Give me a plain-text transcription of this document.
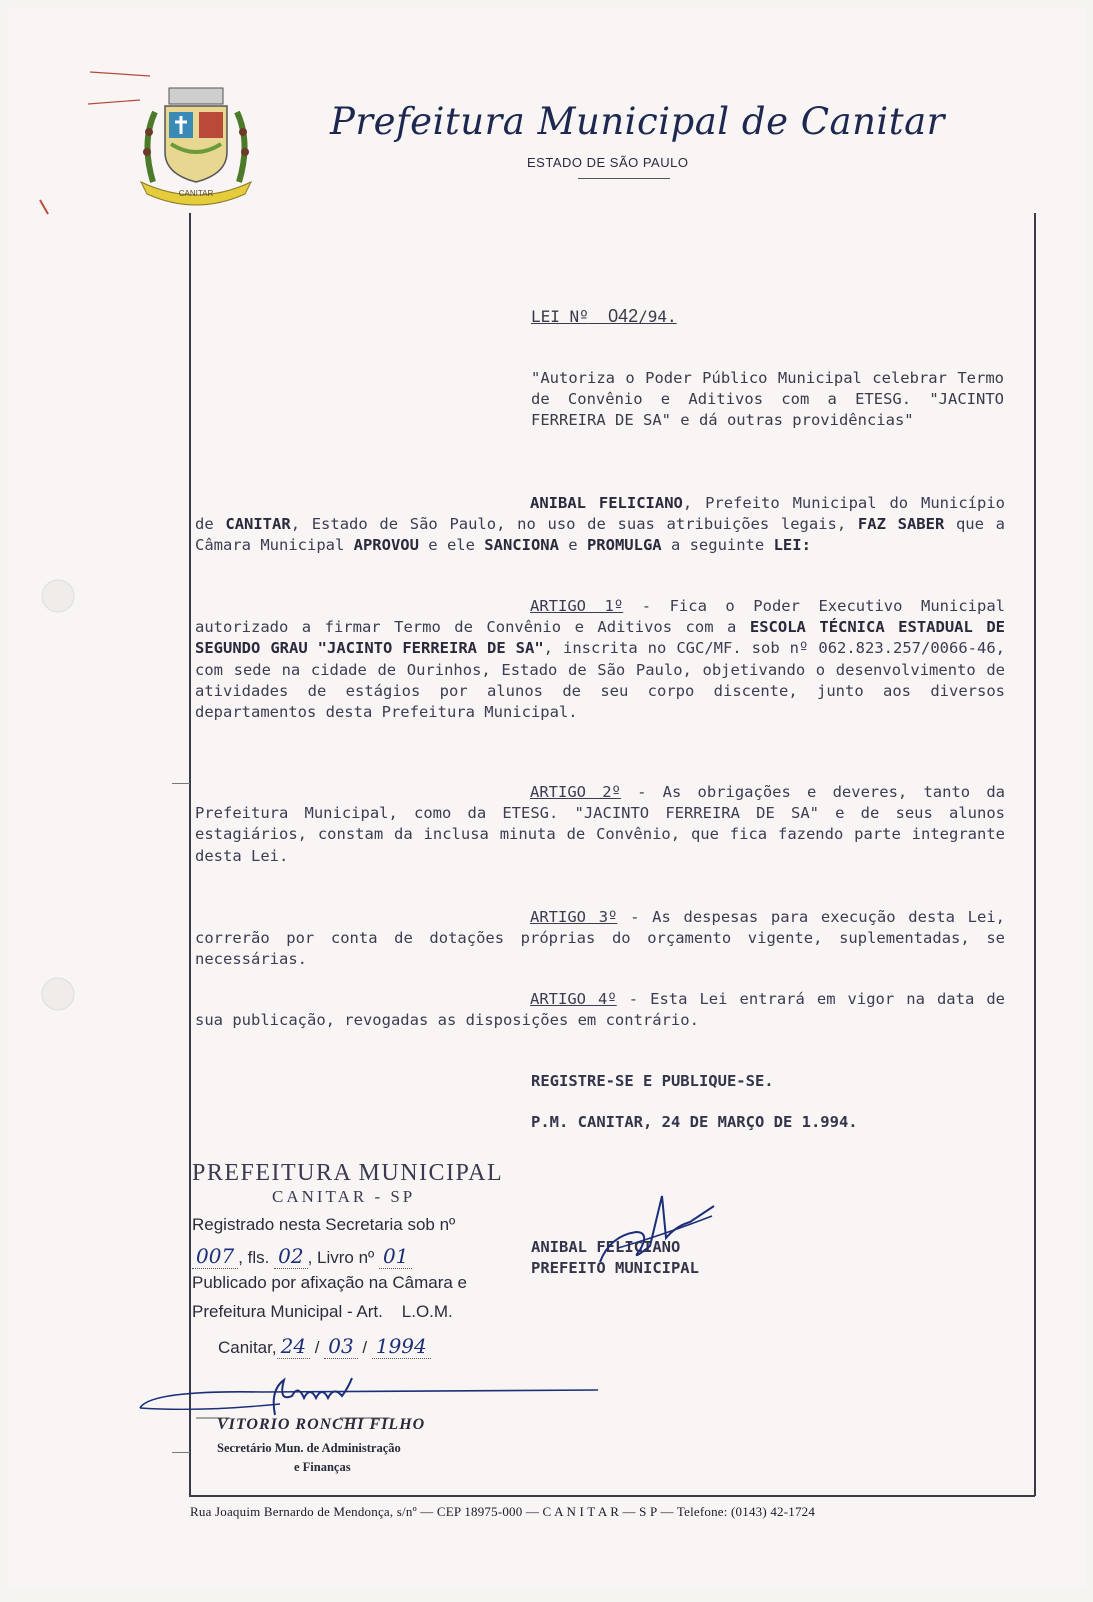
CANITAR
Prefeitura Municipal de Canitar
ESTADO DE SÃO PAULO
LEI Nº 042/94.
"Autoriza o Poder Público Municipal celebrar Termo de Convênio e Aditivos com a ETESG. "JACINTO FERREIRA DE SA" e dá outras providências"
ANIBAL FELICIANO, Prefeito Municipal do Município de CANITAR, Estado de São Paulo, no uso de suas atribuições legais, FAZ SABER que a Câmara Municipal APROVOU e ele SANCIONA e PROMULGA a seguinte LEI:
ARTIGO 1º - Fica o Poder Executivo Municipal autorizado a firmar Termo de Convênio e Aditivos com a ESCOLA TÉCNICA ESTADUAL DE SEGUNDO GRAU "JACINTO FERREIRA DE SA", inscrita no CGC/MF. sob nº 062.823.257/0066-46, com sede na cidade de Ourinhos, Estado de São Paulo, objetivando o desenvolvimento de atividades de estágios por alunos de seu corpo discente, junto aos diversos departamentos desta Prefeitura Municipal.
ARTIGO 2º - As obrigações e deveres, tanto da Prefeitura Municipal, como da ETESG. "JACINTO FERREIRA DE SA" e de seus alunos estagiários, constam da inclusa minuta de Convênio, que fica fazendo parte integrante desta Lei.
ARTIGO 3º - As despesas para execução desta Lei, correrão por conta de dotações próprias do orçamento vigente, suplementadas, se necessárias.
ARTIGO 4º - Esta Lei entrará em vigor na data de sua publicação, revogadas as disposições em contrário.
REGISTRE-SE E PUBLIQUE-SE.
P.M. CANITAR, 24 DE MARÇO DE 1.994.
PREFEITURA MUNICIPAL
CANITAR - SP
Registrado nesta Secretaria sob nº
007 , fls. 02 , Livro nº 01
Publicado por afixação na Câmara e
Prefeitura Municipal - Art. L.O.M.
Canitar, 24 / 03 / 1994
ANIBAL FELICIANO
PREFEITO MUNICIPAL
VITORIO RONCHI FILHO
Secretário Mun. de Administração
e Finanças
Rua Joaquim Bernardo de Mendonça, s/nº — CEP 18975-000 — C A N I T A R — S P — Telefone: (0143) 42-1724
